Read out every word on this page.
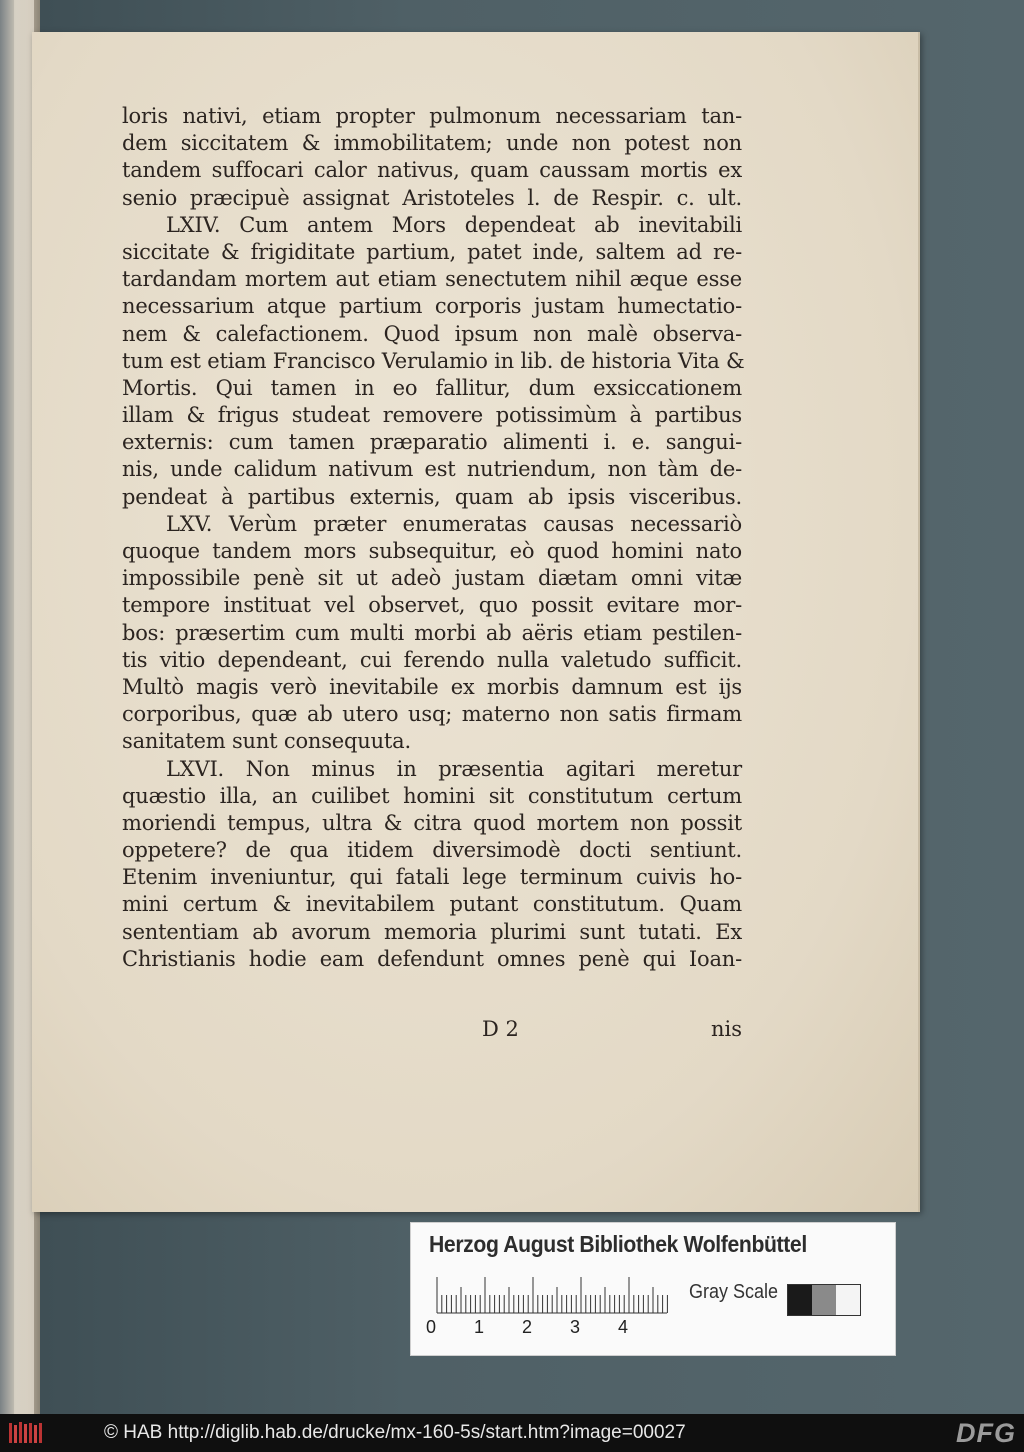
loris nativi, etiam propter pulmonum necessariam tan-
dem siccitatem & immobilitatem; unde non potest non
tandem suffocari calor nativus, quam caussam mortis ex
senio præcipuè assignat Aristoteles l. de Respir. c. ult.
LXIV. Cum antem Mors dependeat ab inevitabili
siccitate & frigiditate partium, patet inde, saltem ad re-
tardandam mortem aut etiam senectutem nihil æque esse
necessarium atque partium corporis justam humectatio-
nem & calefactionem. Quod ipsum non malè observa-
tum est etiam Francisco Verulamio in lib. de historia Vita &
Mortis. Qui tamen in eo fallitur, dum exsiccationem
illam & frigus studeat removere potissimùm à partibus
externis: cum tamen præparatio alimenti i. e. sangui-
nis, unde calidum nativum est nutriendum, non tàm de-
pendeat à partibus externis, quam ab ipsis visceribus.
LXV. Verùm præter enumeratas causas necessariò
quoque tandem mors subsequitur, eò quod homini nato
impossibile penè sit ut adeò justam diætam omni vitæ
tempore instituat vel observet, quo possit evitare mor-
bos: præsertim cum multi morbi ab aëris etiam pestilen-
tis vitio dependeant, cui ferendo nulla valetudo sufficit.
Multò magis verò inevitabile ex morbis damnum est ijs
corporibus, quæ ab utero usq; materno non satis firmam
sanitatem sunt consequuta.
LXVI. Non minus in præsentia agitari meretur
quæstio illa, an cuilibet homini sit constitutum certum
moriendi tempus, ultra & citra quod mortem non possit
oppetere? de qua itidem diversimodè docti sentiunt.
Etenim inveniuntur, qui fatali lege terminum cuivis ho-
mini certum & inevitabilem putant constitutum. Quam
sententiam ab avorum memoria plurimi sunt tutati. Ex
Christianis hodie eam defendunt omnes penè qui Ioan-
D 2	nis
Herzog August Bibliothek Wolfenbüttel
0 1 2 3 4
Gray Scale
© HAB http://diglib.hab.de/drucke/mx-160-5s/start.htm?image=00027	DFG
